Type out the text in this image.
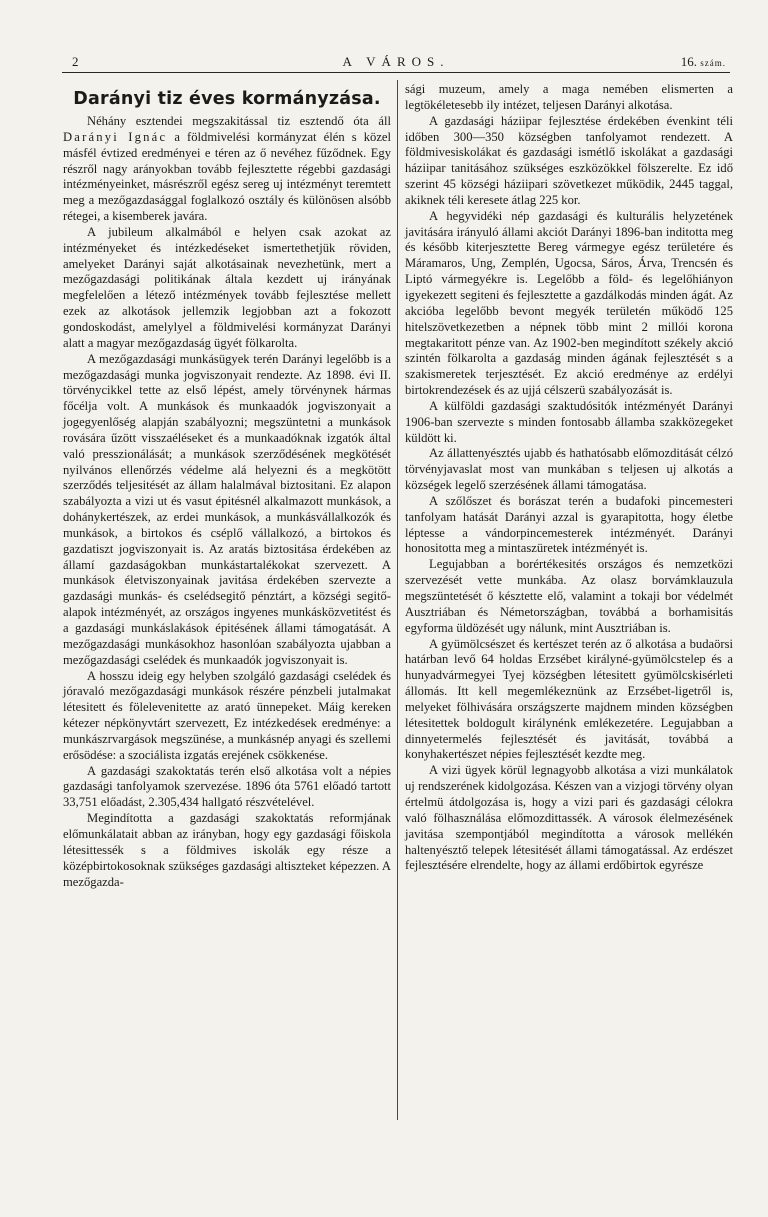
2	A VÁROS.	16. szám.
Darányi tiz éves kormányzása.

Néhány esztendei megszakitással tiz esztendő óta áll Darányi Ignác a földmivelési kormányzat élén s közel másfél évtized eredményei e téren az ő nevéhez fűződnek. Egy részről nagy arányokban tovább fejlesztette régebbi gazdasági intézményeinket, másrészről egész sereg uj intézményt teremtett meg a mezőgazdasággal foglalkozó osztály és különösen alsóbb rétegei, a kisemberek javára.

A jubileum alkalmából e helyen csak azokat az intézményeket és intézkedéseket ismertethetjük röviden, amelyeket Darányi saját alkotásainak nevezhetünk, mert a mezőgazdasági politikának általa kezdett uj irányának megfelelően a létező intézmények tovább fejlesztése mellett ezek az alkotások jellemzik legjobban azt a fokozott gondoskodást, amelylyel a földmivelési kormányzat Darányi alatt a magyar mezőgazdaság ügyét fölkarolta.

A mezőgazdasági munkásügyek terén Darányi legelőbb is a mezőgazdasági munka jogviszonyait rendezte. Az 1898. évi II. törvénycikkel tette az első lépést, amely törvénynek hármas főcélja volt. A munkások és munkaadók jogviszonyait a jogegyenlőség alapján szabályozni; megszüntetni a munkások rovására űzött visszaéléseket és a munkaadóknak izgatók által való presszionálását; a munkások szerződésének megkötését nyilvános ellenőrzés védelme alá helyezni és a megkötött szerződés teljesitését az állam halalmával biztositani. Ez alapon szabályozta a vizi ut és vasut épitésnél alkalmazott munkások, a dohánykertészek, az erdei munkások, a munkásvállalkozók és munkások, a birtokos és cséplő vállalkozó, a birtokos és gazdatiszt jogviszonyait is. Az aratás biztositása érdekében az államí gazdaságokban munkástartalékokat szervezett. A munkások életviszonyainak javitása érdekében szervezte a gazdasági munkás- és cselédsegitő pénztárt, a községi segitő-alapok intézményét, az országos ingyenes munkásközvetitést és a gazdasági munkáslakások épitésének állami támogatását. A mezőgazdasági munkásokhoz hasonlóan szabályozta ujabban a mezőgazdasági cselédek és munkaadók jogviszonyait is.

A hosszu ideig egy helyben szolgáló gazdasági cselédek és jóravaló mezőgazdasági munkások részére pénzbeli jutalmakat létesitett és fölelevenitette az arató ünnepeket. Máig kereken kétezer népkönyvtárt szervezett, Ez intézkedések eredménye: a munkászrvargások megszünése, a munkásnép anyagi és szellemi erősödése: a szociálista izgatás erejének csökkenése.

A gazdasági szakoktatás terén első alkotása volt a népies gazdasági tanfolyamok szervezése. 1896 óta 5761 előadó tartott 33,751 előadást, 2.305,434 hallgató részvételével.

Megindította a gazdasági szakoktatás reformjának előmunkálatait abban az irányban, hogy egy gazdasági főiskola létesittessék s a földmives iskolák egy része a középbirtokosoknak szükséges gazdasági altiszteket képezzen. A mezőgazda-

sági muzeum, amely a maga nemében elismerten a legtökéletesebb ily intézet, teljesen Darányi alkotása.

A gazdasági háziipar fejlesztése érdekében évenkint téli időben 300—350 községben tanfolyamot rendezett. A földmivesiskolákat és gazdasági ismétlő iskolákat a gazdasági háziipar tanitásához szükséges eszközökkel fölszerelte. Ez idő szerint 45 községi háziipari szövetkezet működik, 2445 taggal, akiknek téli keresete átlag 225 kor.

A hegyvidéki nép gazdasági és kulturális helyzetének javitására irányuló állami akciót Darányi 1896-ban inditotta meg és később kiterjesztette Bereg vármegye egész területére és Máramaros, Ung, Zemplén, Ugocsa, Sáros, Árva, Trencsén és Liptó vármegyékre is. Legelőbb a föld- és legelőhiányon igyekezett segiteni és fejlesztette a gazdálkodás minden ágát. Az akcióba legelőbb bevont megyék területén működő 125 hitelszövetkezetben a népnek több mint 2 millói korona megtakaritott pénze van. Az 1902-ben megindított székely akció szintén fölkarolta a gazdaság minden ágának fejlesztését s a szakismeretek terjesztését. Ez akció eredménye az erdélyi birtokrendezések és az ujjá célszerü szabályozását is.

A külföldi gazdasági szaktudósitók intézményét Darányi 1906-ban szervezte s minden fontosabb államba szakközegeket küldött ki.

Az állattenyésztés ujabb és hathatósabb előmozditását célzó törvényjavaslat most van munkában s teljesen uj alkotás a községek legelő szerzésének állami támogatása.

A szőlőszet és borászat terén a budafoki pincemesteri tanfolyam hatását Darányi azzal is gyarapitotta, hogy életbe léptesse a vándorpincemesterek intézményét. Darányi honositotta meg a mintaszüretek intézményét is.

Legujabban a borértékesités országos és nemzetközi szervezését vette munkába. Az olasz borvámklauzula megszüntetését ő késztette elő, valamint a tokaji bor védelmét Ausztriában és Németországban, továbbá a borhamisitás egyforma üldözését ugy nálunk, mint Ausztriában is.

A gyümölcsészet és kertészet terén az ő alkotása a budaörsi határban levő 64 holdas Erzsébet királyné-gyümölcstelep és a hunyadvármegyei Tyej községben létesitett gyümölcskisérleti állomás. Itt kell megemlékeznünk az Erzsébet-ligetről is, melyeket fölhivására országszerte majdnem minden községben létesitettek boldogult királynénk emlékezetére. Legujabban a dinnyetermelés fejlesztését és javitását, továbbá a konyhakertészet népies fejlesztését kezdte meg.

A vizi ügyek körül legnagyobb alkotása a vizi munkálatok uj rendszerének kidolgozása. Készen van a vizjogi törvény olyan értelmü átdolgozása is, hogy a vizi pari és gazdasági célokra való fölhasználása előmozdittassék. A városok élelmezésének javitása szempontjából megindította a városok mellékén haltenyésztő telepek létesitését állami támogatással. Az erdészet fejlesztésére elrendelte, hogy az állami erdőbirtok egyrésze
